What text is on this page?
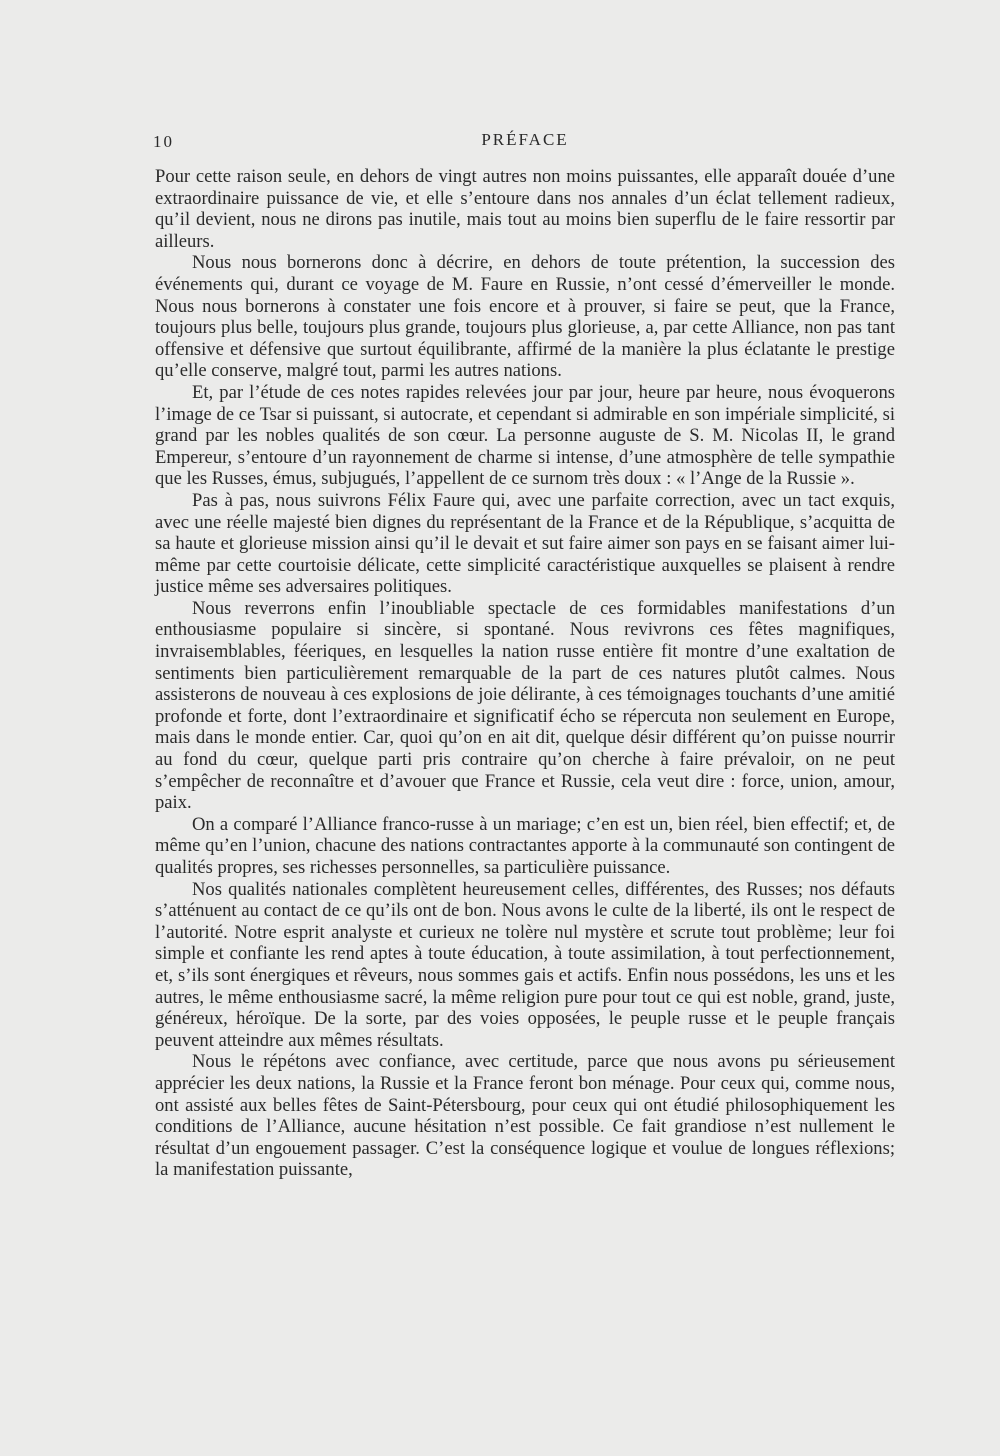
10	PRÉFACE

Pour cette raison seule, en dehors de vingt autres non moins puissantes, elle apparaît douée d’une extraordinaire puissance de vie, et elle s’entoure dans nos annales d’un éclat tellement radieux, qu’il devient, nous ne dirons pas inutile, mais tout au moins bien superflu de le faire ressortir par ailleurs.

Nous nous bornerons donc à décrire, en dehors de toute prétention, la succession des événements qui, durant ce voyage de M. Faure en Russie, n’ont cessé d’émerveiller le monde. Nous nous bornerons à constater une fois encore et à prouver, si faire se peut, que la France, toujours plus belle, toujours plus grande, toujours plus glorieuse, a, par cette Alliance, non pas tant offensive et défensive que surtout équilibrante, affirmé de la manière la plus éclatante le prestige qu’elle conserve, malgré tout, parmi les autres nations.

Et, par l’étude de ces notes rapides relevées jour par jour, heure par heure, nous évoquerons l’image de ce Tsar si puissant, si autocrate, et cependant si admirable en son impériale simplicité, si grand par les nobles qualités de son cœur. La personne auguste de S. M. Nicolas II, le grand Empereur, s’entoure d’un rayonnement de charme si intense, d’une atmosphère de telle sympathie que les Russes, émus, subjugués, l’appellent de ce surnom très doux : « l’Ange de la Russie ».

Pas à pas, nous suivrons Félix Faure qui, avec une parfaite correction, avec un tact exquis, avec une réelle majesté bien dignes du représentant de la France et de la République, s’acquitta de sa haute et glorieuse mission ainsi qu’il le devait et sut faire aimer son pays en se faisant aimer lui-même par cette courtoisie délicate, cette simplicité caractéristique auxquelles se plaisent à rendre justice même ses adversaires politiques.

Nous reverrons enfin l’inoubliable spectacle de ces formidables manifestations d’un enthousiasme populaire si sincère, si spontané. Nous revivrons ces fêtes magnifiques, invraisemblables, féeriques, en lesquelles la nation russe entière fit montre d’une exaltation de sentiments bien particulièrement remarquable de la part de ces natures plutôt calmes. Nous assisterons de nouveau à ces explosions de joie délirante, à ces témoignages touchants d’une amitié profonde et forte, dont l’extraordinaire et significatif écho se répercuta non seulement en Europe, mais dans le monde entier. Car, quoi qu’on en ait dit, quelque désir différent qu’on puisse nourrir au fond du cœur, quelque parti pris contraire qu’on cherche à faire prévaloir, on ne peut s’empêcher de reconnaître et d’avouer que France et Russie, cela veut dire : force, union, amour, paix.

On a comparé l’Alliance franco-russe à un mariage; c’en est un, bien réel, bien effectif; et, de même qu’en l’union, chacune des nations contractantes apporte à la communauté son contingent de qualités propres, ses richesses personnelles, sa particulière puissance.

Nos qualités nationales complètent heureusement celles, différentes, des Russes; nos défauts s’atténuent au contact de ce qu’ils ont de bon. Nous avons le culte de la liberté, ils ont le respect de l’autorité. Notre esprit analyste et curieux ne tolère nul mystère et scrute tout problème; leur foi simple et confiante les rend aptes à toute éducation, à toute assimilation, à tout perfectionnement, et, s’ils sont énergiques et rêveurs, nous sommes gais et actifs. Enfin nous possédons, les uns et les autres, le même enthousiasme sacré, la même religion pure pour tout ce qui est noble, grand, juste, généreux, héroïque. De la sorte, par des voies opposées, le peuple russe et le peuple français peuvent atteindre aux mêmes résultats.

Nous le répétons avec confiance, avec certitude, parce que nous avons pu sérieusement apprécier les deux nations, la Russie et la France feront bon ménage. Pour ceux qui, comme nous, ont assisté aux belles fêtes de Saint-Pétersbourg, pour ceux qui ont étudié philosophiquement les conditions de l’Alliance, aucune hésitation n’est possible. Ce fait grandiose n’est nullement le résultat d’un engouement passager. C’est la conséquence logique et voulue de longues réflexions; la manifestation puissante,
